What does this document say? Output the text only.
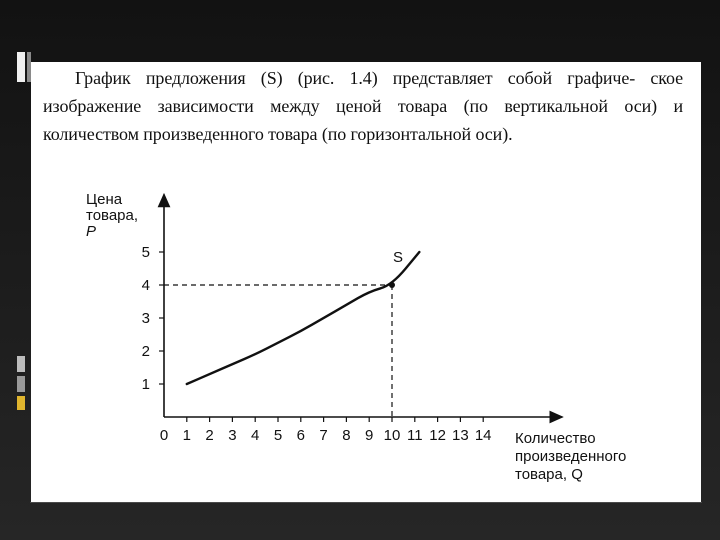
График предложения (S) (рис. 1.4) представляет собой графиче- ское изображение зависимости между ценой товара (по вертикальной оси) и количеством произведенного товара (по горизонтальной оси).
0 1 2 3 4 5 6 7 8 9 10 11 12 13 14
1
2
3
4
5
Цена
товара,
P
Количество
произведенного
товара, Q
S
